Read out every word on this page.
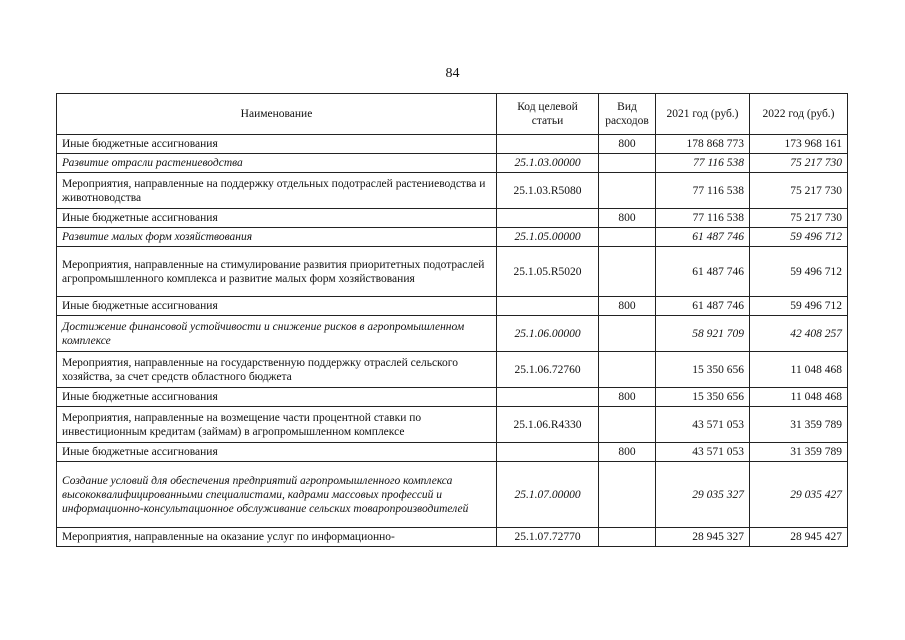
84
Наименование	Код целевой статьи	Вид расходов	2021 год (руб.)	2022 год (руб.)
Иные бюджетные ассигнования		800	178 868 773	173 968 161
Развитие отрасли растениеводства	25.1.03.00000		77 116 538	75 217 730
Мероприятия, направленные на поддержку отдельных подотраслей растениеводства и животноводства	25.1.03.R5080		77 116 538	75 217 730
Иные бюджетные ассигнования		800	77 116 538	75 217 730
Развитие малых форм хозяйствования	25.1.05.00000		61 487 746	59 496 712
Мероприятия, направленные на стимулирование развития приоритетных подотраслей агропромышленного комплекса и развитие малых форм хозяйствования	25.1.05.R5020		61 487 746	59 496 712
Иные бюджетные ассигнования		800	61 487 746	59 496 712
Достижение финансовой устойчивости и снижение рисков в агропромышленном комплексе	25.1.06.00000		58 921 709	42 408 257
Мероприятия, направленные на государственную поддержку отраслей сельского хозяйства, за счет средств областного бюджета	25.1.06.72760		15 350 656	11 048 468
Иные бюджетные ассигнования		800	15 350 656	11 048 468
Мероприятия, направленные на возмещение части процентной ставки по инвестиционным кредитам (займам) в агропромышленном комплексе	25.1.06.R4330		43 571 053	31 359 789
Иные бюджетные ассигнования		800	43 571 053	31 359 789
Создание условий для обеспечения предприятий агропромышленного комплекса высококвалифицированными специалистами, кадрами массовых профессий и информационно-консультационное обслуживание сельских товаропроизводителей	25.1.07.00000		29 035 327	29 035 427
Мероприятия, направленные на оказание услуг по информационно-	25.1.07.72770		28 945 327	28 945 427
